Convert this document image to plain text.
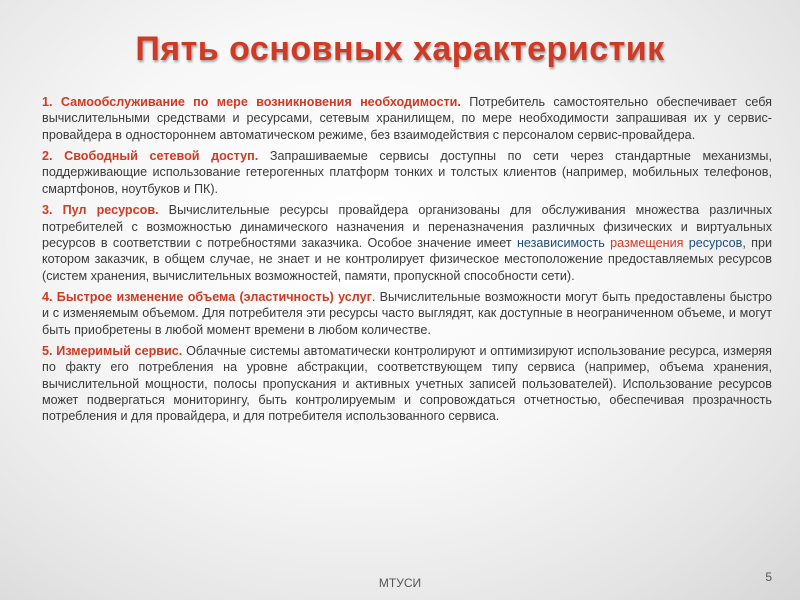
Пять основных характеристик

1. Самообслуживание по мере возникновения необходимости. Потребитель самостоятельно обеспечивает себя вычислительными средствами и ресурсами, сетевым хранилищем, по мере необходимости запрашивая их у сервис-провайдера в одностороннем автоматическом режиме, без взаимодействия с персоналом сервис-провайдера.

2. Свободный сетевой доступ. Запрашиваемые сервисы доступны по сети через стандартные механизмы, поддерживающие использование гетерогенных платформ тонких и толстых клиентов (например, мобильных телефонов, смартфонов, ноутбуков и ПК).

3. Пул ресурсов. Вычислительные ресурсы провайдера организованы для обслуживания множества различных потребителей с возможностью динамического назначения и переназначения различных физических и виртуальных ресурсов в соответствии с потребностями заказчика. Особое значение имеет независимость размещения ресурсов, при котором заказчик, в общем случае, не знает и не контролирует физическое местоположение предоставляемых ресурсов (систем хранения, вычислительных возможностей, памяти, пропускной способности сети).

4. Быстрое изменение объема (эластичность) услуг. Вычислительные возможности могут быть предоставлены быстро и с изменяемым объемом. Для потребителя эти ресурсы часто выглядят, как доступные в неограниченном объеме, и могут быть приобретены в любой момент времени в любом количестве.

5. Измеримый сервис. Облачные системы автоматически контролируют и оптимизируют использование ресурса, измеряя по факту его потребления на уровне абстракции, соответствующем типу сервиса (например, объема хранения, вычислительной мощности, полосы пропускания и активных учетных записей пользователей). Использование ресурсов может подвергаться мониторингу, быть контролируемым и сопровождаться отчетностью, обеспечивая прозрачность потребления и для провайдера, и для потребителя использованного сервиса.

МТУСИ	5
